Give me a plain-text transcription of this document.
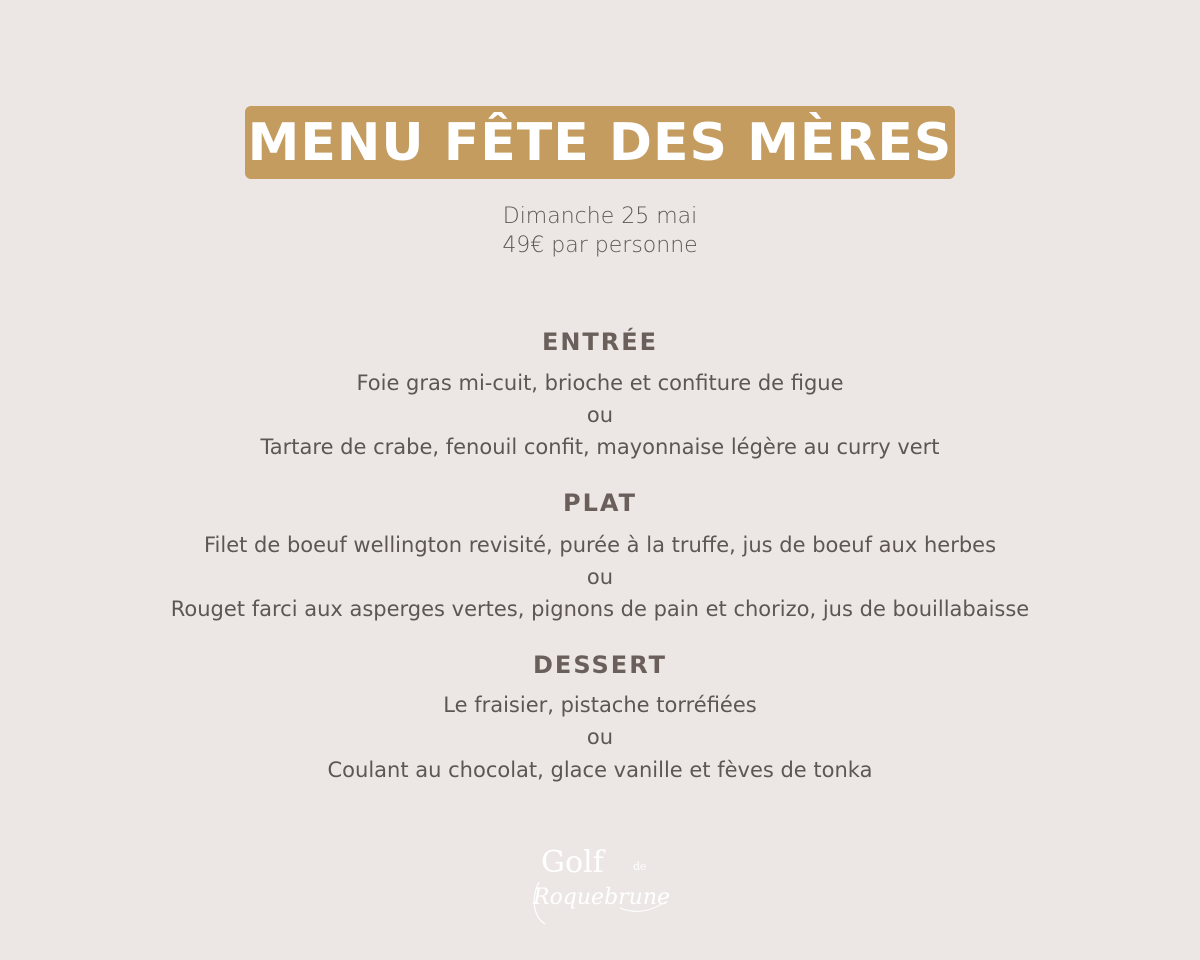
MENU FÊTE DES MÈRES
Dimanche 25 mai
49€ par personne
ENTRÉE
Foie gras mi-cuit, brioche et confiture de figue
ou
Tartare de crabe, fenouil confit, mayonnaise légère au curry vert
PLAT
Filet de boeuf wellington revisité, purée à la truffe, jus de boeuf aux herbes
ou
Rouget farci aux asperges vertes, pignons de pain et chorizo, jus de bouillabaisse
DESSERT
Le fraisier, pistache torréfiées
ou
Coulant au chocolat, glace vanille et fèves de tonka
Golf	de
Roquebrune
